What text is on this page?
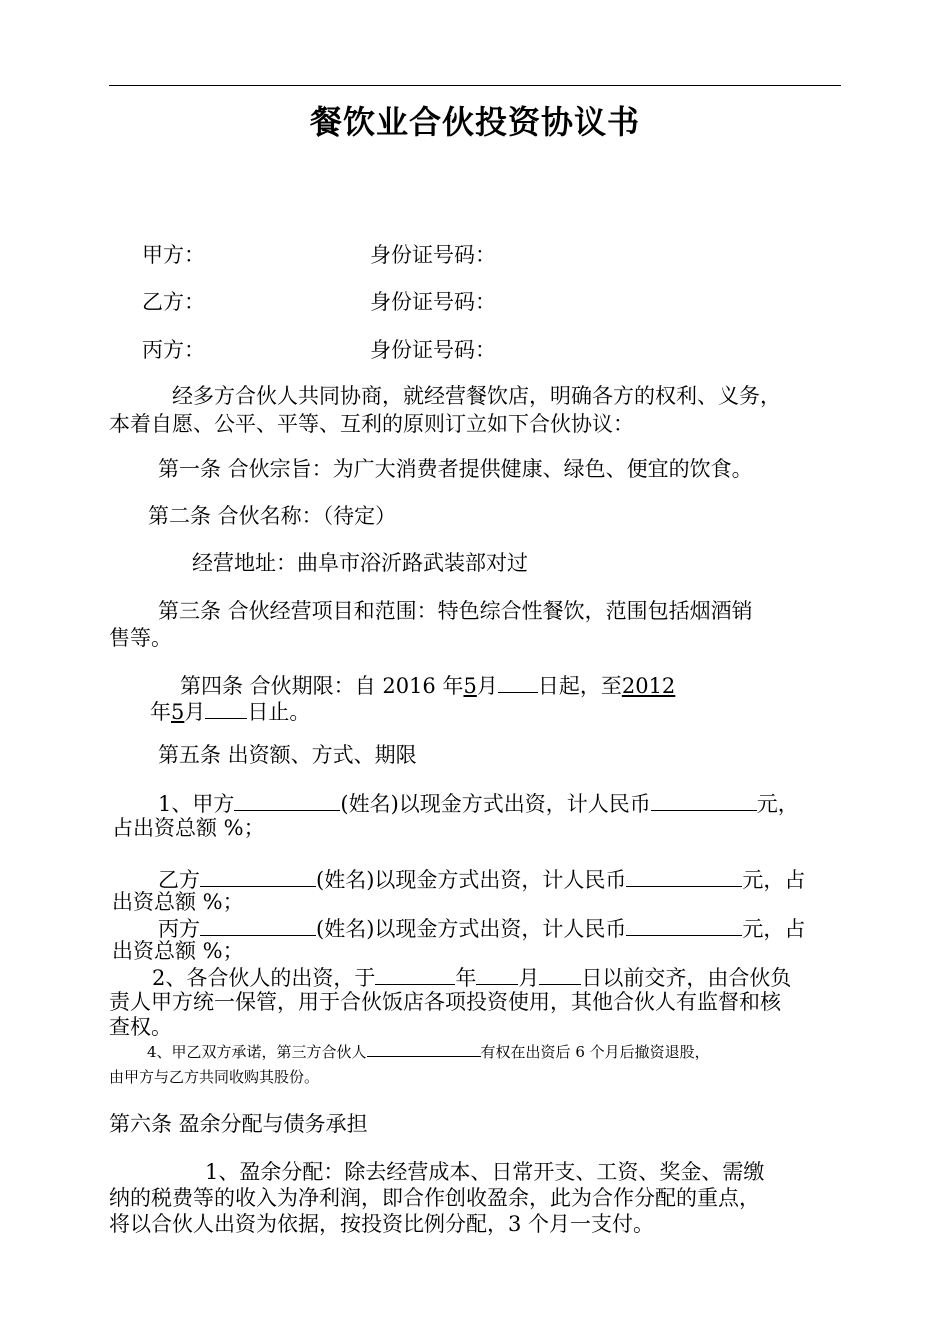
餐饮业合伙投资协议书
甲方：	身份证号码：
乙方：	身份证号码：
丙方：	身份证号码：
经多方合伙人共同协商，就经营餐饮店，明确各方的权利、义务，
本着自愿、公平、平等、互利的原则订立如下合伙协议：
第一条 合伙宗旨：为广大消费者提供健康、绿色、便宜的饮食。
第二条 合伙名称：（待定）
经营地址：曲阜市浴沂路武装部对过
第三条 合伙经营项目和范围：特色综合性餐饮，范围包括烟酒销
售等。
第四条 合伙期限：自 2016 年5月 日起，至2012
年5月 日止。
第五条 出资额、方式、期限
1、甲方	(姓名)以现金方式出资，计人民币	元，
占出资总额 %；
乙方	(姓名)以现金方式出资，计人民币	元，占
出资总额 %；
丙方	(姓名)以现金方式出资，计人民币	元，占
出资总额 %；
2、各合伙人的出资，于	年 月 日以前交齐，由合伙负
责人甲方统一保管，用于合伙饭店各项投资使用，其他合伙人有监督和核
查权。
4、甲乙双方承诺，第三方合伙人	有权在出资后 6 个月后撤资退股，
由甲方与乙方共同收购其股份。
第六条 盈余分配与债务承担
1、盈余分配：除去经营成本、日常开支、工资、奖金、需缴
纳的税费等的收入为净利润，即合作创收盈余，此为合作分配的重点，
将以合伙人出资为依据，按投资比例分配，3 个月一支付。
